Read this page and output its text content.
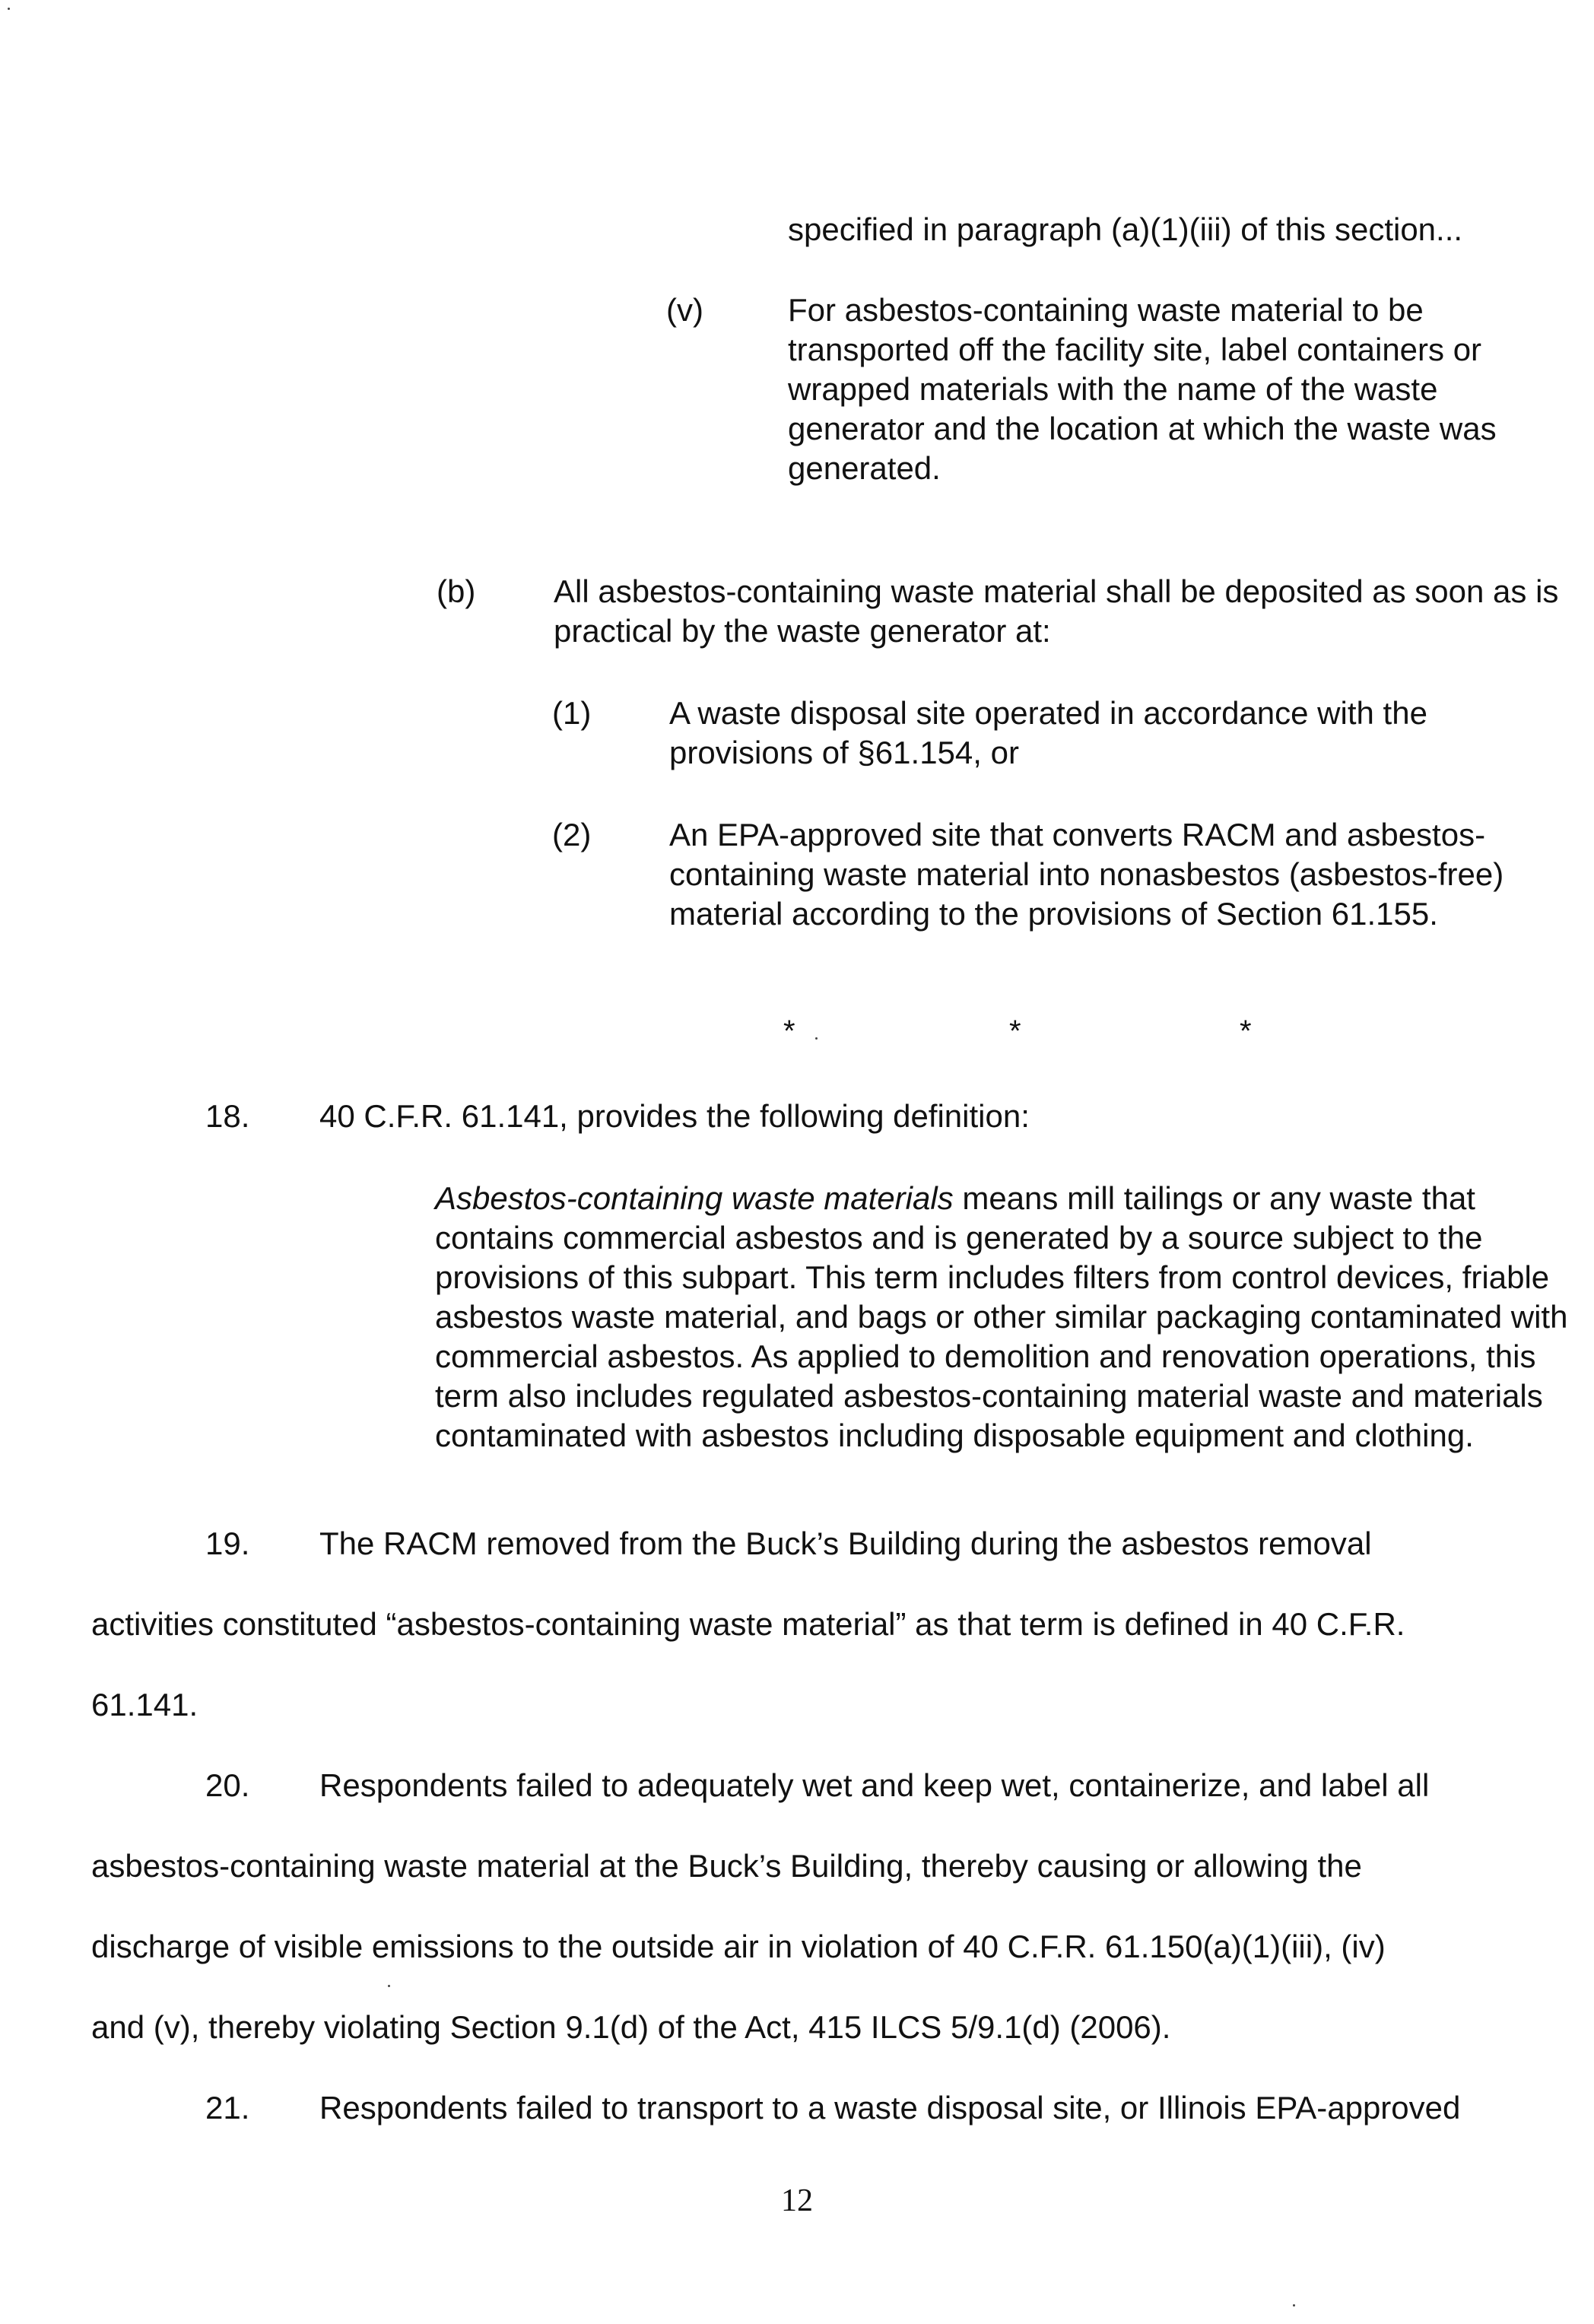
specified in paragraph (a)(1)(iii) of this section...
(v)	For asbestos-containing waste material to be transported off the facility site, label containers or wrapped materials with the name of the waste generator and the location at which the waste was generated.
(b) All asbestos-containing waste material shall be deposited as soon as is practical by the waste generator at:
(1) A waste disposal site operated in accordance with the provisions of §61.154, or
(2) An EPA-approved site that converts RACM and asbestos-containing waste material into nonasbestos (asbestos-free) material according to the provisions of Section 61.155.
*	*	*
18. 40 C.F.R. 61.141, provides the following definition:
Asbestos-containing waste materials means mill tailings or any waste that contains commercial asbestos and is generated by a source subject to the provisions of this subpart. This term includes filters from control devices, friable asbestos waste material, and bags or other similar packaging contaminated with commercial asbestos. As applied to demolition and renovation operations, this term also includes regulated asbestos-containing material waste and materials contaminated with asbestos including disposable equipment and clothing.
19. The RACM removed from the Buck’s Building during the asbestos removal
activities constituted “asbestos-containing waste material” as that term is defined in 40 C.F.R.
61.141.
20. Respondents failed to adequately wet and keep wet, containerize, and label all
asbestos-containing waste material at the Buck’s Building, thereby causing or allowing the
discharge of visible emissions to the outside air in violation of 40 C.F.R. 61.150(a)(1)(iii), (iv)
and (v), thereby violating Section 9.1(d) of the Act, 415 ILCS 5/9.1(d) (2006).
21. Respondents failed to transport to a waste disposal site, or Illinois EPA-approved
12
